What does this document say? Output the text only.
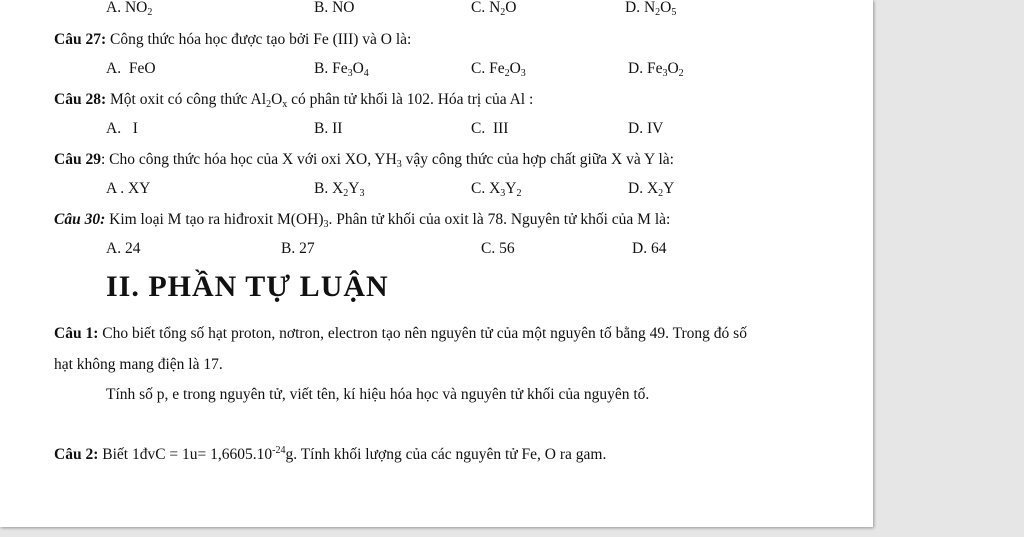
A. $NO_2$	B. NO	C. $N_2O$	D. $N_2O_5$
Câu 27: Công thức hóa học được tạo bởi Fe (III) và O là:
A. FeO	B. $Fe_3O_4$	C. $Fe_2O_3$	D. $Fe_3O_2$
Câu 28: Một oxit có công thức $Al_2O_x$ có phân tử khối là 102. Hóa trị của Al :
A. I	B. II	C. III	D. IV
Câu 29: Cho công thức hóa học của X với oxi XO, $YH_3$ vậy công thức của hợp chất giữa X và Y là:
A . XY	B. $X_2Y_3$	C. $X_3Y_2$	D. $X_2Y$
Câu 30: Kim loại M tạo ra hiđroxit $M(OH)_3$. Phân tử khối của oxit là 78. Nguyên tử khối của M là:
A. 24	B. 27	C. 56	D. 64
II. PHẦN TỰ LUẬN
Câu 1: Cho biết tổng số hạt proton, nơtron, electron tạo nên nguyên tử của một nguyên tố bằng 49. Trong đó số
hạt không mang điện là 17.
Tính số p, e trong nguyên tử, viết tên, kí hiệu hóa học và nguyên tử khối của nguyên tố.
Câu 2: Biết 1đvC = $1u= 1,6605.10^{-24}g$. Tính khối lượng của các nguyên tử Fe, O ra gam.
